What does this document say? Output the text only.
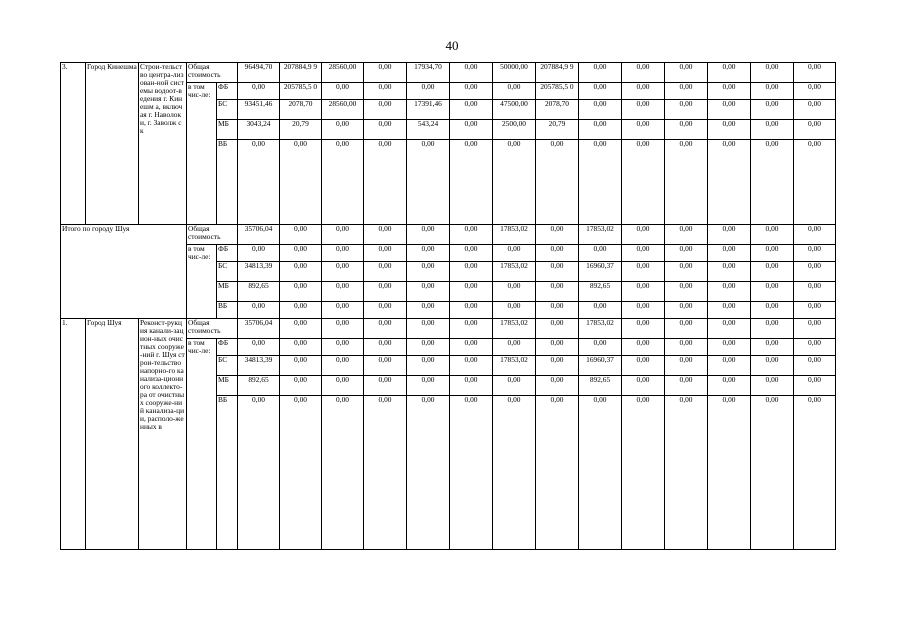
40
3.	Город Кинешма	Строи-тельство центра-лизован-ной системы водоот-ведения г. Кинешм а, включая г. Наволок и, г. Заволж ск	Общая стоимость		96494,70	207884,9 9	28560,00	0,00	17934,70	0,00	50000,00	207884,9 9	0,00	0,00	0,00	0,00	0,00	0,00
			в том чис-ле:	ФБ	0,00	205785,5 0	0,00	0,00	0,00	0,00	0,00	205785,5 0	0,00	0,00	0,00	0,00	0,00	0,00
				БС	93451,46	2078,70	28560,00	0,00	17391,46	0,00	47500,00	2078,70	0,00	0,00	0,00	0,00	0,00	0,00
				МБ	3043,24	20,79	0,00	0,00	543,24	0,00	2500,00	20,79	0,00	0,00	0,00	0,00	0,00	0,00
				ВБ	0,00	0,00	0,00	0,00	0,00	0,00	0,00	0,00	0,00	0,00	0,00	0,00	0,00	0,00
Итого по городу Шуя			Общая стоимость		35706,04	0,00	0,00	0,00	0,00	0,00	17853,02	0,00	17853,02	0,00	0,00	0,00	0,00	0,00
			в том чис-ле:	ФБ	0,00	0,00	0,00	0,00	0,00	0,00	0,00	0,00	0,00	0,00	0,00	0,00	0,00	0,00
				БС	34813,39	0,00	0,00	0,00	0,00	0,00	17853,02	0,00	16960,37	0,00	0,00	0,00	0,00	0,00
				МБ	892,65	0,00	0,00	0,00	0,00	0,00	0,00	0,00	892,65	0,00	0,00	0,00	0,00	0,00
				ВБ	0,00	0,00	0,00	0,00	0,00	0,00	0,00	0,00	0,00	0,00	0,00	0,00	0,00	0,00
1.	Город Шуя	Реконст-рукция канали-зацион-ных очистных сооруже-ний г. Шуя строи-тельство напорно-го канализа-ционного коллекто-ра от очистных сооруже-ний канализа-ции, располо-женных в	Общая стоимость		35706,04	0,00	0,00	0,00	0,00	0,00	17853,02	0,00	17853,02	0,00	0,00	0,00	0,00	0,00
			в том чис-ле:	ФБ	0,00	0,00	0,00	0,00	0,00	0,00	0,00	0,00	0,00	0,00	0,00	0,00	0,00	0,00
				БС	34813,39	0,00	0,00	0,00	0,00	0,00	17853,02	0,00	16960,37	0,00	0,00	0,00	0,00	0,00
				МБ	892,65	0,00	0,00	0,00	0,00	0,00	0,00	0,00	892,65	0,00	0,00	0,00	0,00	0,00
				ВБ	0,00	0,00	0,00	0,00	0,00	0,00	0,00	0,00	0,00	0,00	0,00	0,00	0,00	0,00
